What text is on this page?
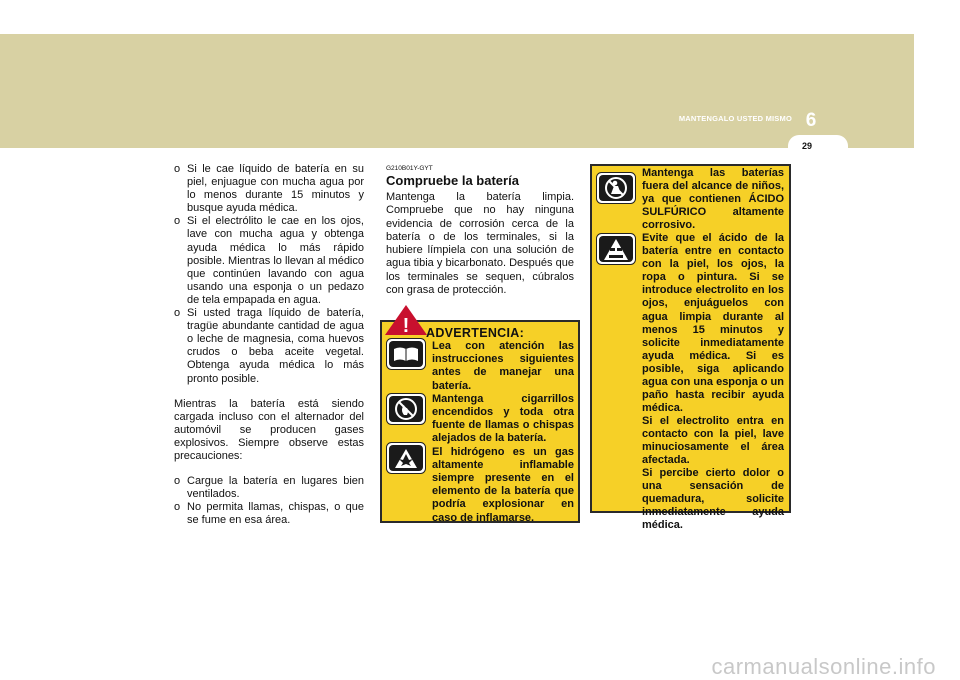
MANTENGALO USTED MISMO 6
29
o Si le cae líquido de batería en su piel, enjuague con mucha agua por lo menos durante 15 minutos y busque ayuda médica.
o Si el electrólito le cae en los ojos, lave con mucha agua y obtenga ayuda médica lo más rápido posible. Mientras lo llevan al médico que continúen lavando con agua usando una esponja o un pedazo de tela empapada en agua.
o Si usted traga líquido de batería, tragüe abundante cantidad de agua o leche de magnesia, coma huevos crudos o beba aceite vegetal. Obtenga ayuda médica lo más pronto posible.

Mientras la batería está siendo cargada incluso con el alternador del automóvil se producen gases explosivos. Siempre observe estas precauciones:

o Cargue la batería en lugares bien ventilados.
o No permita llamas, chispas, o que se fume en esa área.
G210B01Y-GYT
Compruebe la batería

Mantenga la batería limpia. Compruebe que no hay ninguna evidencia de corrosión cerca de la batería o de los terminales, si la hubiere límpiela con una solución de agua tibia y bicarbonato. Después que los terminales se sequen, cúbralos con grasa de protección.

! ADVERTENCIA:
Lea con atención las instrucciones siguientes antes de manejar una batería.
Mantenga cigarrillos encendidos y toda otra fuente de llamas o chispas alejados de la batería.
El hidrógeno es un gas altamente inflamable siempre presente en el elemento de la batería que podría explosionar en caso de inflamarse.
Mantenga las baterías fuera del alcance de niños, ya que contienen ÁCIDO SULFÚRICO altamente corrosivo.
Evite que el ácido de la batería entre en contacto con la piel, los ojos, la ropa o pintura. Si se introduce electrolito en los ojos, enjuáguelos con agua limpia durante al menos 15 minutos y solicite inmediatamente ayuda médica. Si es posible, siga aplicando agua con una esponja o un paño hasta recibir ayuda médica.
Si el electrolito entra en contacto con la piel, lave minuciosamente el área afectada.
Si percibe cierto dolor o una sensación de quemadura, solicite inmediatamente ayuda médica.
carmanualsonline.info
